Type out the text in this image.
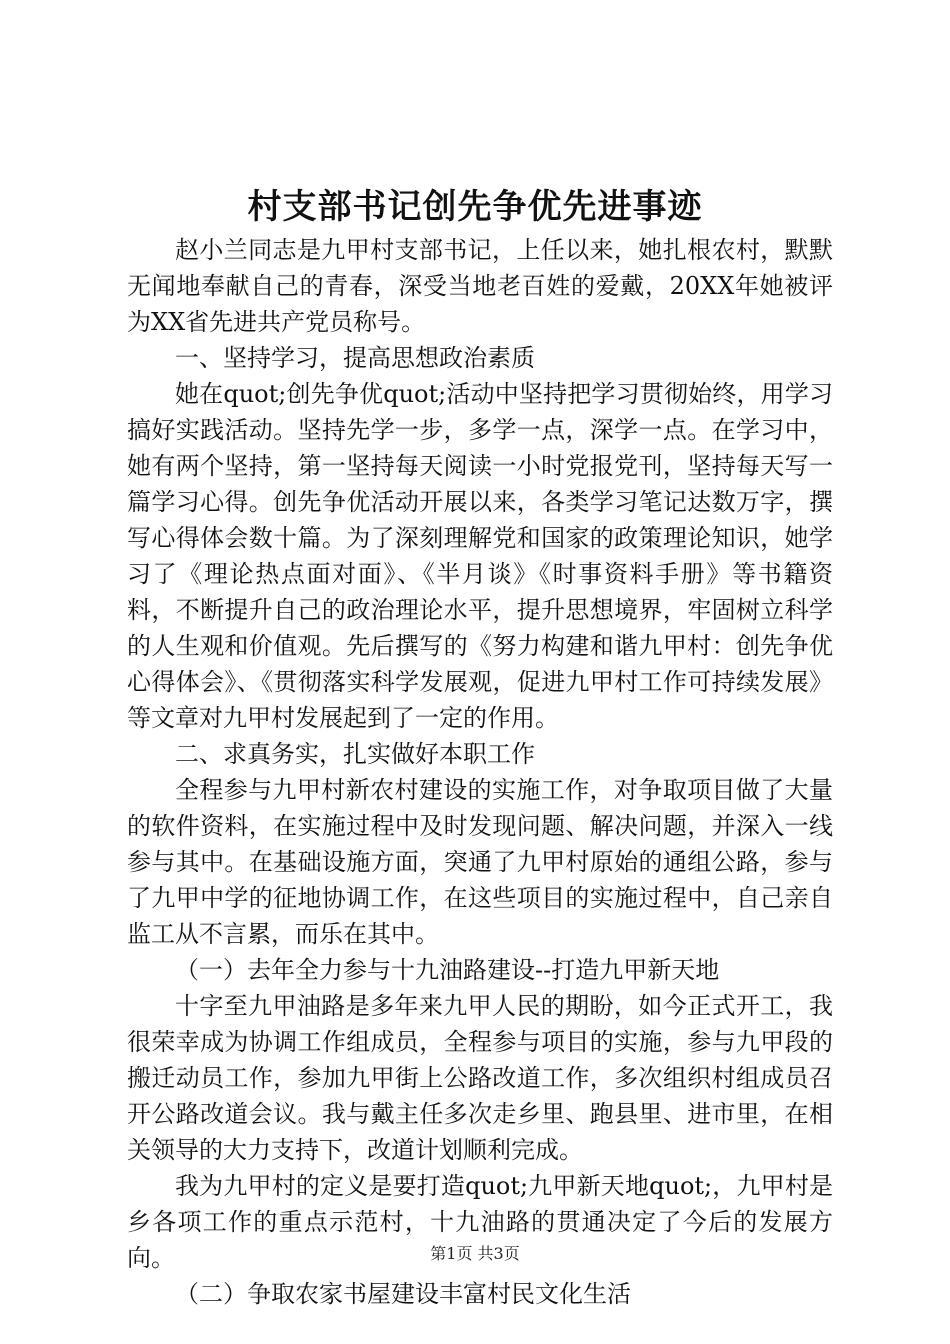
村支部书记创先争优先进事迹

赵小兰同志是九甲村支部书记，上任以来，她扎根农村，默默无闻地奉献自己的青春，深受当地老百姓的爱戴，20XX年她被评为XX省先进共产党员称号。

一、坚持学习，提高思想政治素质

她在quot;创先争优quot;活动中坚持把学习贯彻始终，用学习搞好实践活动。坚持先学一步，多学一点，深学一点。在学习中，她有两个坚持，第一坚持每天阅读一小时党报党刊，坚持每天写一篇学习心得。创先争优活动开展以来，各类学习笔记达数万字，撰写心得体会数十篇。为了深刻理解党和国家的政策理论知识，她学习了《理论热点面对面》、《半月谈》《时事资料手册》等书籍资料，不断提升自己的政治理论水平，提升思想境界，牢固树立科学的人生观和价值观。先后撰写的《努力构建和谐九甲村：创先争优心得体会》、《贯彻落实科学发展观，促进九甲村工作可持续发展》等文章对九甲村发展起到了一定的作用。

二、求真务实，扎实做好本职工作

全程参与九甲村新农村建设的实施工作，对争取项目做了大量的软件资料，在实施过程中及时发现问题、解决问题，并深入一线参与其中。在基础设施方面，突通了九甲村原始的通组公路，参与了九甲中学的征地协调工作，在这些项目的实施过程中，自己亲自监工从不言累，而乐在其中。

（一）去年全力参与十九油路建设--打造九甲新天地

十字至九甲油路是多年来九甲人民的期盼，如今正式开工，我很荣幸成为协调工作组成员，全程参与项目的实施，参与九甲段的搬迁动员工作，参加九甲街上公路改道工作，多次组织村组成员召开公路改道会议。我与戴主任多次走乡里、跑县里、进市里，在相关领导的大力支持下，改道计划顺利完成。

我为九甲村的定义是要打造quot;九甲新天地quot;，九甲村是乡各项工作的重点示范村，十九油路的贯通决定了今后的发展方向。

（二）争取农家书屋建设丰富村民文化生活

第1页 共3页
